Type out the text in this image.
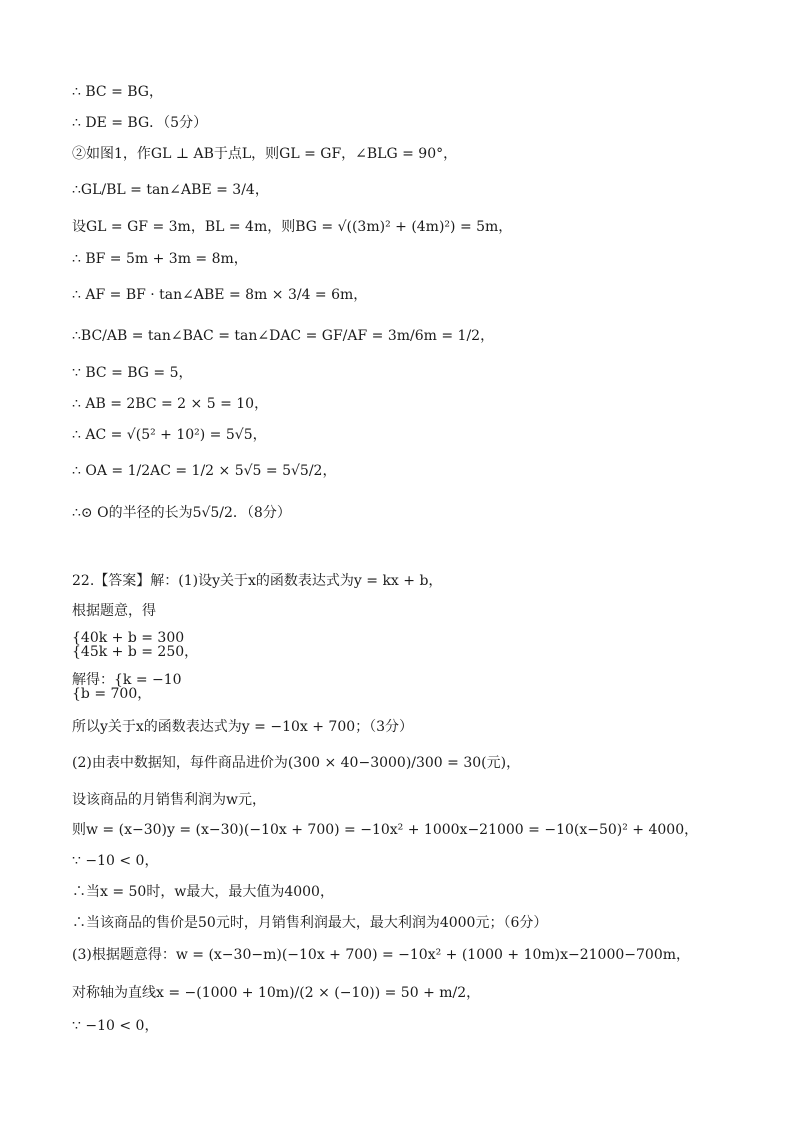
∴ BC = BG，
∴ DE = BG．（5分）
②如图1，作GL ⊥ AB于点L，则GL = GF，∠BLG = 90°，
∴GL/BL = tan∠ABE = 3/4，
设GL = GF = 3m，BL = 4m，则BG = √((3m)² + (4m)²) = 5m，
∴ BF = 5m + 3m = 8m，
∴ AF = BF · tan∠ABE = 8m × 3/4 = 6m，
∴BC/AB = tan∠BAC = tan∠DAC = GF/AF = 3m/6m = 1/2，
∵ BC = BG = 5，
∴ AB = 2BC = 2 × 5 = 10，
∴ AC = √(5² + 10²) = 5√5，
∴ OA = 1/2AC = 1/2 × 5√5 = 5√5/2，
∴⊙ O的半径的长为5√5/2．（8分）
22.【答案】解：(1)设y关于x的函数表达式为y = kx + b，
根据题意，得
{40k + b = 300
{45k + b = 250，
解得：{k = −10
{b = 700，
所以y关于x的函数表达式为y = −10x + 700；（3分）
(2)由表中数据知，每件商品进价为(300 × 40−3000)/300 = 30(元)，
设该商品的月销售利润为w元，
则w = (x−30)y = (x−30)(−10x + 700) = −10x² + 1000x−21000 = −10(x−50)² + 4000，
∵ −10 < 0，
∴当x = 50时，w最大，最大值为4000，
∴当该商品的售价是50元时，月销售利润最大，最大利润为4000元；（6分）
(3)根据题意得：w = (x−30−m)(−10x + 700) = −10x² + (1000 + 10m)x−21000−700m，
对称轴为直线x = −(1000 + 10m)/(2 × (−10)) = 50 + m/2，
∵ −10 < 0，
